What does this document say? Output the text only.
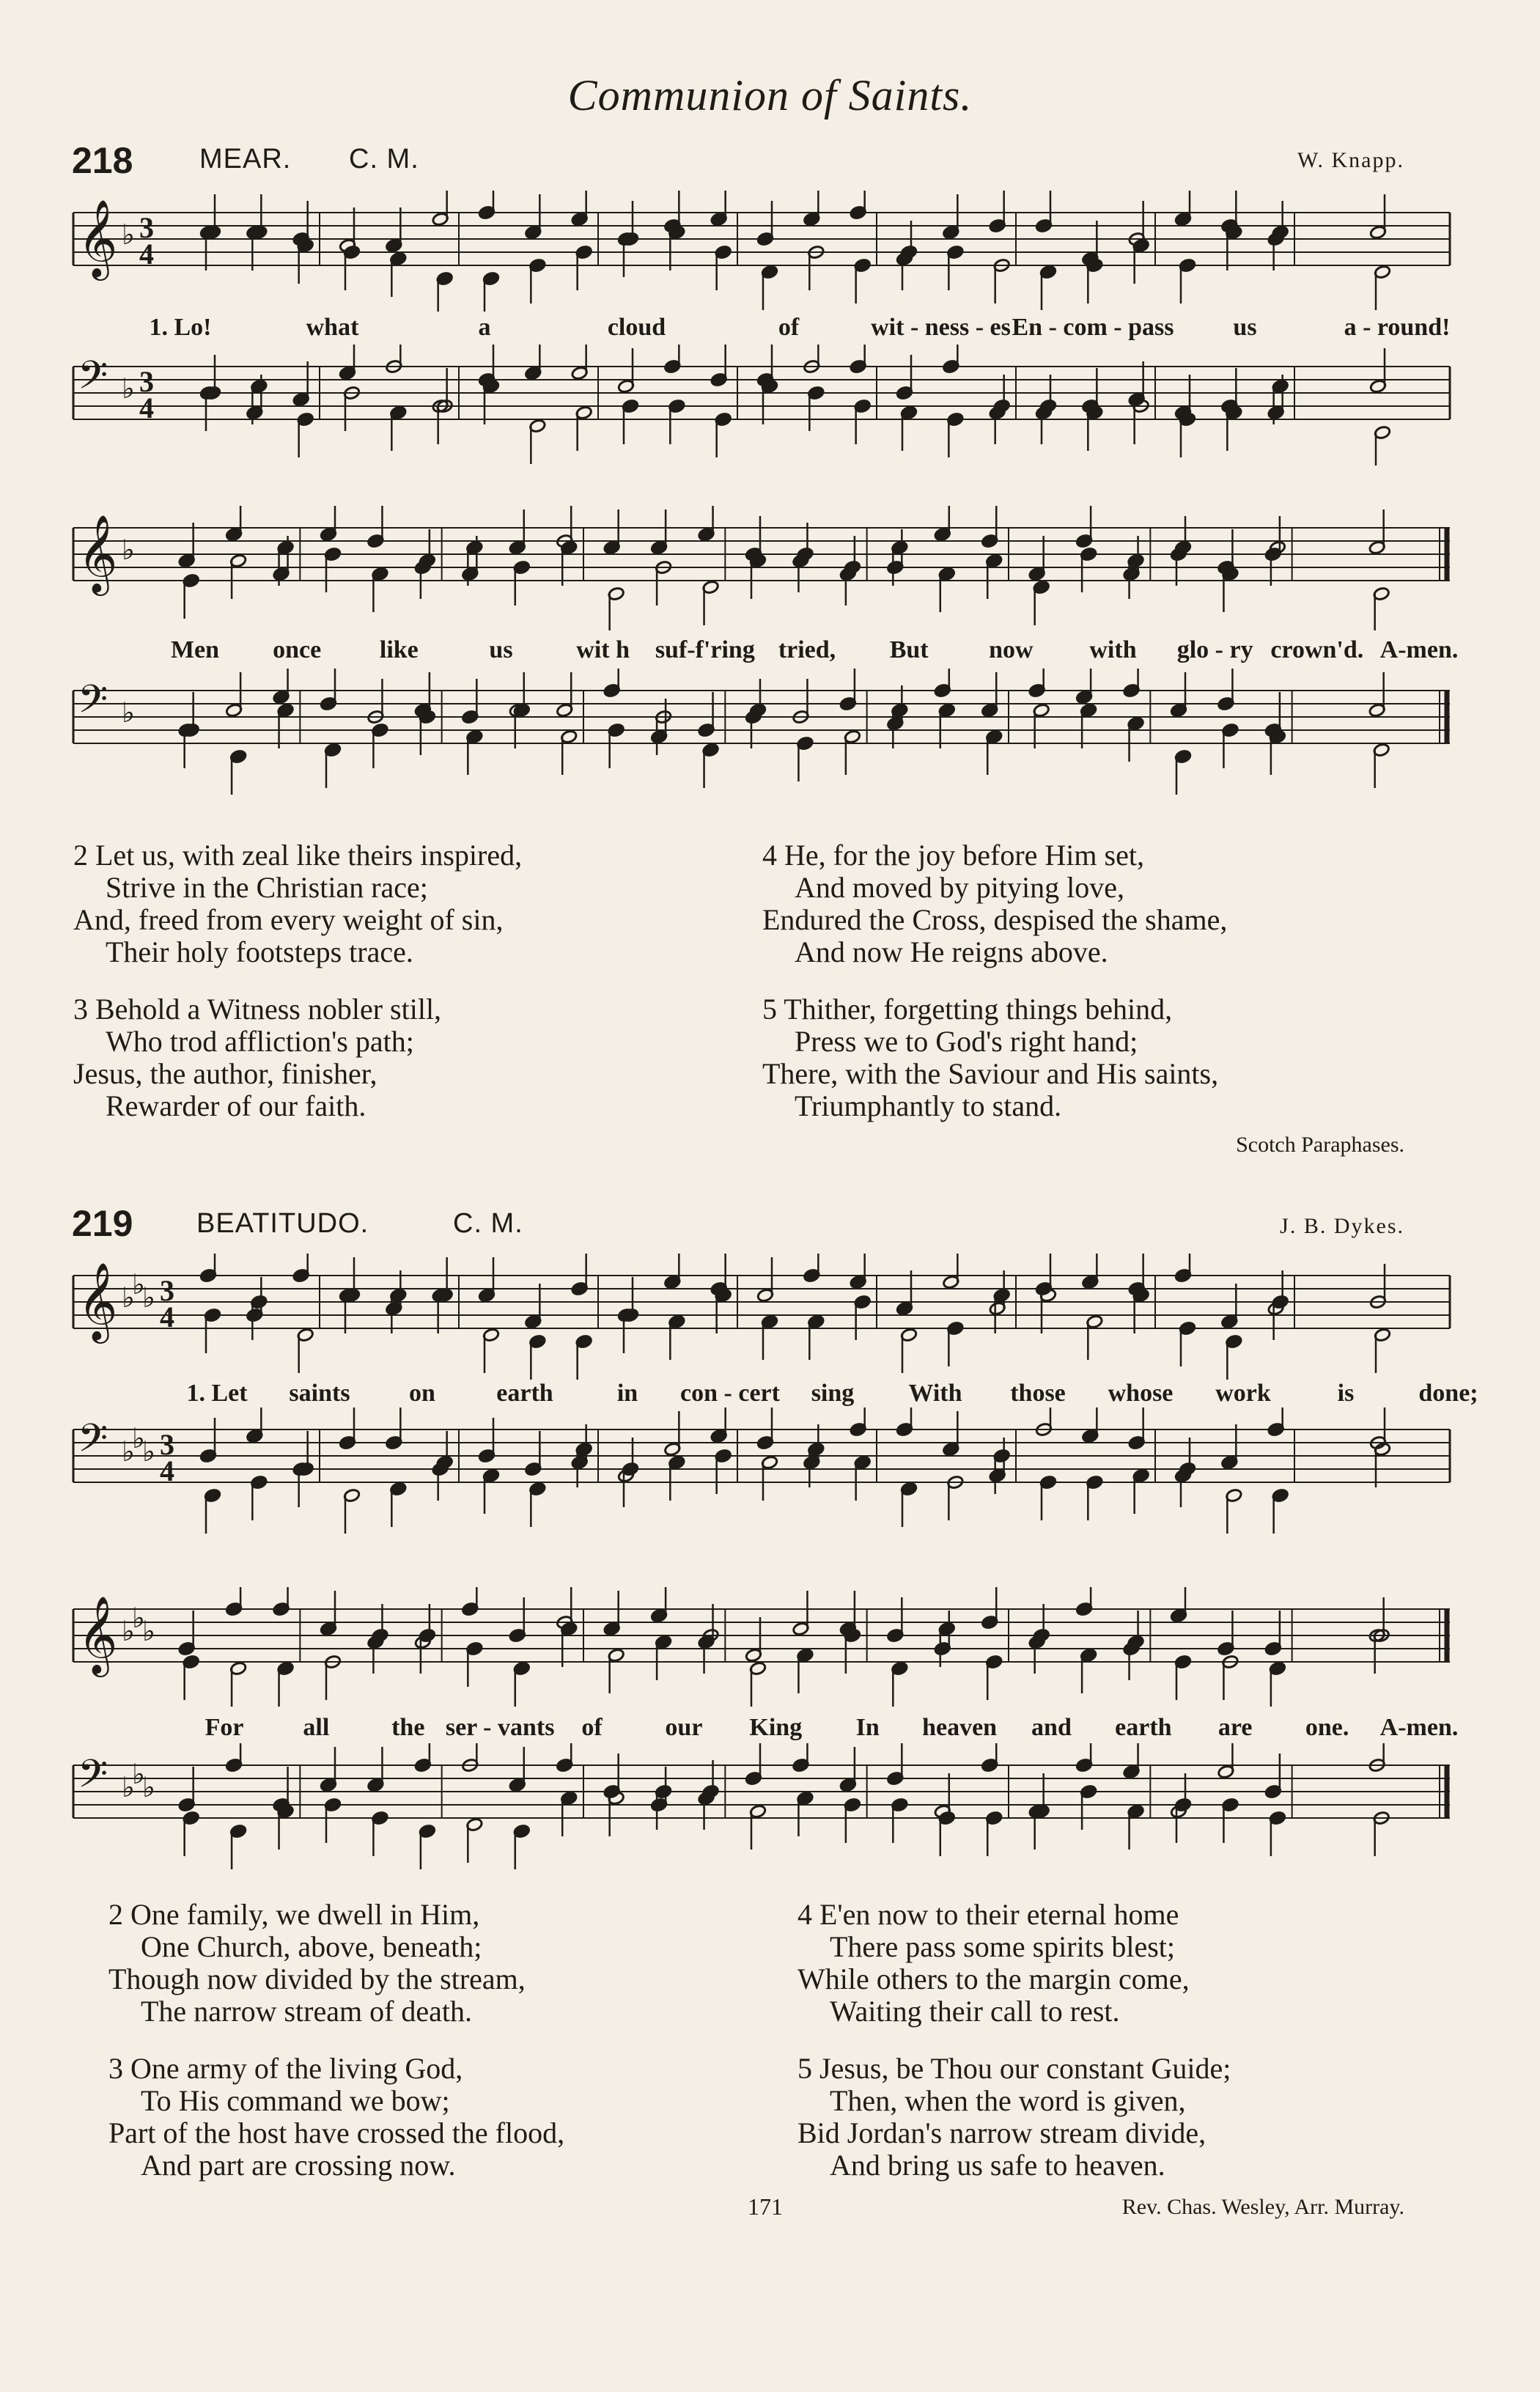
Communion of Saints.
218 MEAR. C. M.	W. Knapp.
𝄞 ♭ 3
4
1. Lo!	what	a	cloud	of	wit - ness - es En - com - pass us	a - round!
𝄢 ♭ 3
4
𝄞 ♭
Men once like	us	wit h suf-f'ring tried, But now with glo - ry crown'd. A-men.
𝄢 ♭
2 Let us, with zeal like theirs inspired,
Strive in the Christian race;
And, freed from every weight of sin,
Their holy footsteps trace.
3 Behold a Witness nobler still,
Who trod affliction's path;
Jesus, the author, finisher,
Rewarder of our faith.
4 He, for the joy before Him set,
And moved by pitying love,
Endured the Cross, despised the shame,
And now He reigns above.
5 Thither, forgetting things behind,
Press we to God's right hand;
There, with the Saviour and His saints,
Triumphantly to stand.
Scotch Paraphases.
219 BEATITUDO.	C. M.	J. B. Dykes.
𝄞 ♭
♭
♭ 3
4
1. Let saints on earth	in con - cert sing With those whose work	is	done;
𝄢 ♭
♭
♭ 3
4
𝄞 ♭
♭
♭
For all the ser - vants of	our King In heaven and earth are one. A-men.
𝄢 ♭
♭
♭
2 One family, we dwell in Him,
One Church, above, beneath;
Though now divided by the stream,
The narrow stream of death.
3 One army of the living God,
To His command we bow;
Part of the host have crossed the flood,
And part are crossing now.
4 E'en now to their eternal home
There pass some spirits blest;
While others to the margin come,
Waiting their call to rest.
5 Jesus, be Thou our constant Guide;
Then, when the word is given,
Bid Jordan's narrow stream divide,
And bring us safe to heaven.
171	Rev. Chas. Wesley, Arr. Murray.
